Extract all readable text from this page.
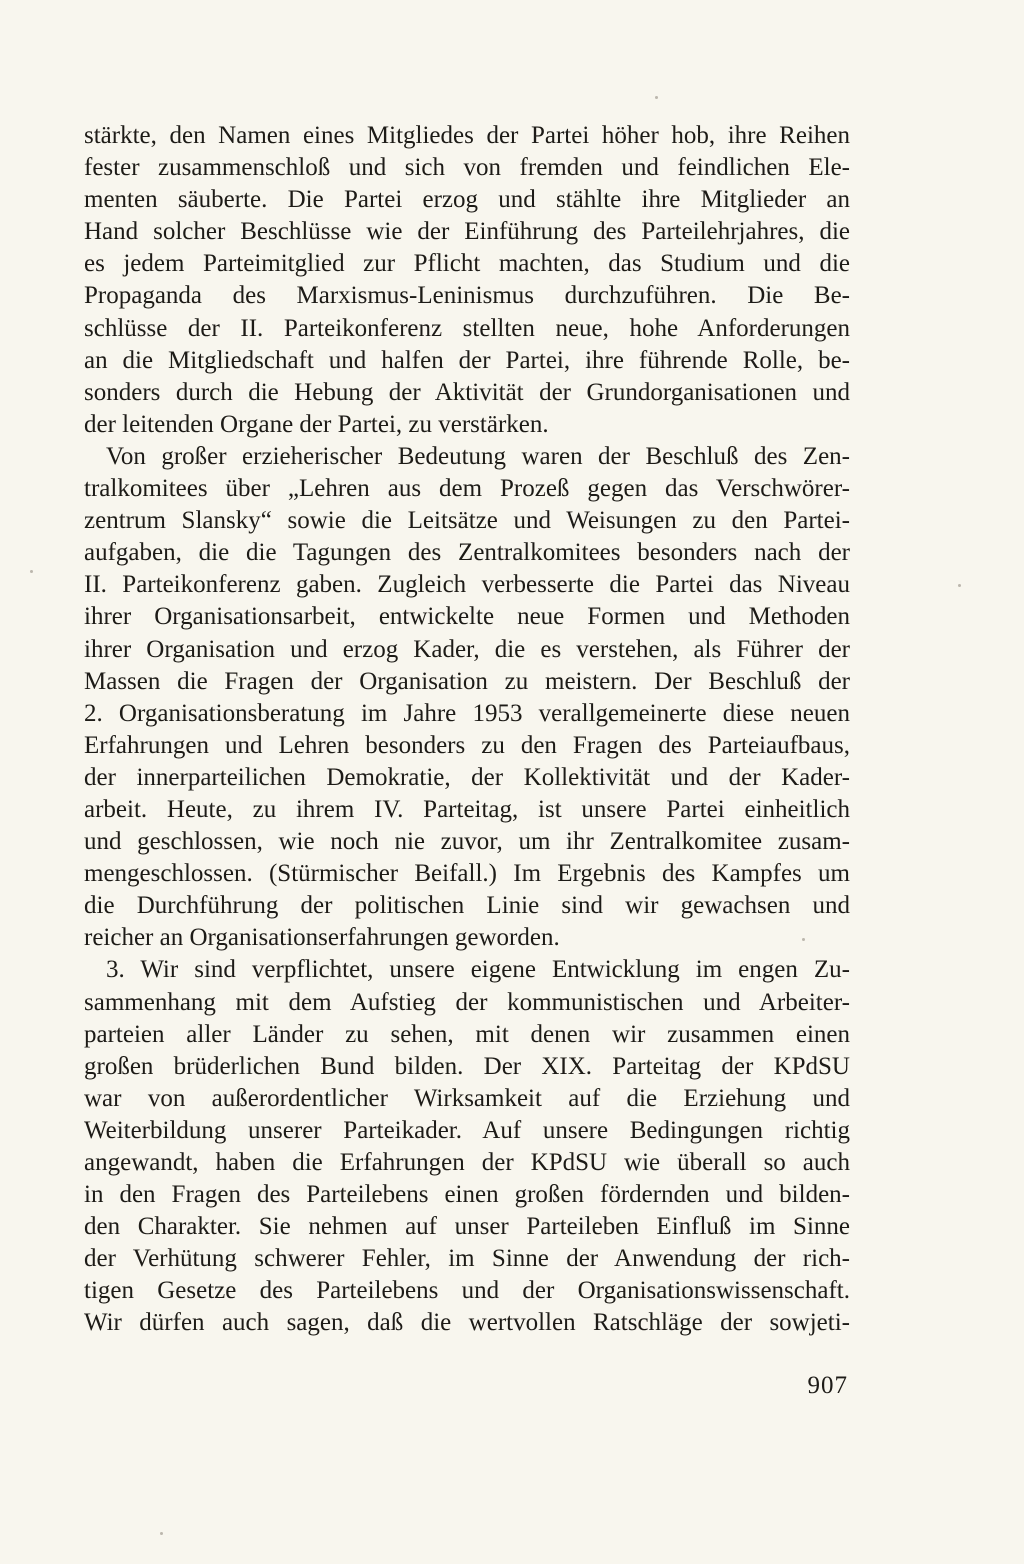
stärkte, den Namen eines Mitgliedes der Partei höher hob, ihre Reihen
fester zusammenschloß und sich von fremden und feindlichen Ele-
menten säuberte. Die Partei erzog und stählte ihre Mitglieder an
Hand solcher Beschlüsse wie der Einführung des Parteilehrjahres, die
es jedem Parteimitglied zur Pflicht machten, das Studium und die
Propaganda des Marxismus-Leninismus durchzuführen. Die Be-
schlüsse der II. Parteikonferenz stellten neue, hohe Anforderungen
an die Mitgliedschaft und halfen der Partei, ihre führende Rolle, be-
sonders durch die Hebung der Aktivität der Grundorganisationen und
der leitenden Organe der Partei, zu verstärken.
Von großer erzieherischer Bedeutung waren der Beschluß des Zen-
tralkomitees über „Lehren aus dem Prozeß gegen das Verschwörer-
zentrum Slansky“ sowie die Leitsätze und Weisungen zu den Partei-
aufgaben, die die Tagungen des Zentralkomitees besonders nach der
II. Parteikonferenz gaben. Zugleich verbesserte die Partei das Niveau
ihrer Organisationsarbeit, entwickelte neue Formen und Methoden
ihrer Organisation und erzog Kader, die es verstehen, als Führer der
Massen die Fragen der Organisation zu meistern. Der Beschluß der
2. Organisationsberatung im Jahre 1953 verallgemeinerte diese neuen
Erfahrungen und Lehren besonders zu den Fragen des Parteiaufbaus,
der innerparteilichen Demokratie, der Kollektivität und der Kader-
arbeit. Heute, zu ihrem IV. Parteitag, ist unsere Partei einheitlich
und geschlossen, wie noch nie zuvor, um ihr Zentralkomitee zusam-
mengeschlossen. (Stürmischer Beifall.) Im Ergebnis des Kampfes um
die Durchführung der politischen Linie sind wir gewachsen und
reicher an Organisationserfahrungen geworden.
3. Wir sind verpflichtet, unsere eigene Entwicklung im engen Zu-
sammenhang mit dem Aufstieg der kommunistischen und Arbeiter-
parteien aller Länder zu sehen, mit denen wir zusammen einen
großen brüderlichen Bund bilden. Der XIX. Parteitag der KPdSU
war von außerordentlicher Wirksamkeit auf die Erziehung und
Weiterbildung unserer Parteikader. Auf unsere Bedingungen richtig
angewandt, haben die Erfahrungen der KPdSU wie überall so auch
in den Fragen des Parteilebens einen großen fördernden und bilden-
den Charakter. Sie nehmen auf unser Parteileben Einfluß im Sinne
der Verhütung schwerer Fehler, im Sinne der Anwendung der rich-
tigen Gesetze des Parteilebens und der Organisationswissenschaft.
Wir dürfen auch sagen, daß die wertvollen Ratschläge der sowjeti-
907
